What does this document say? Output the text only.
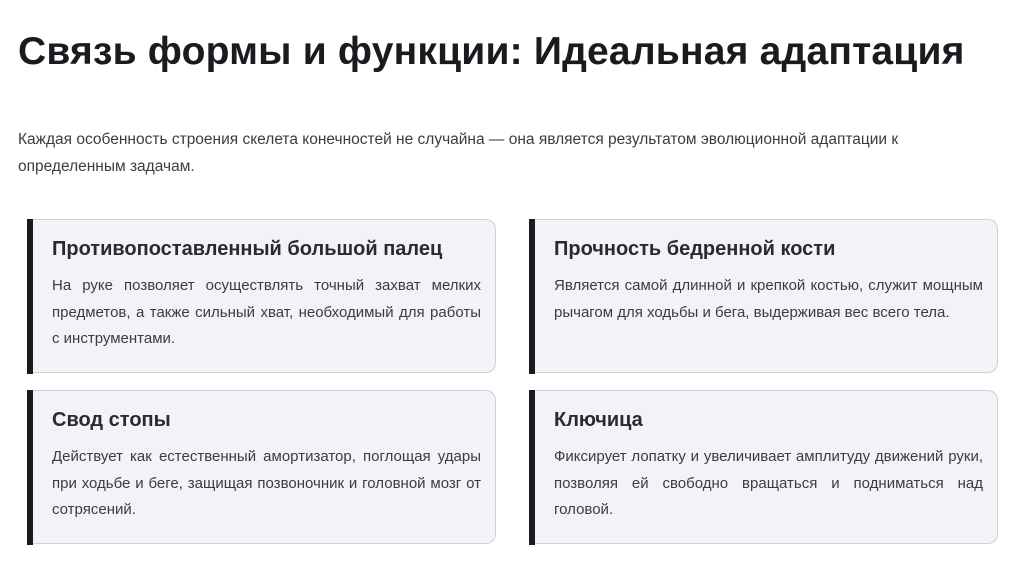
Связь формы и функции: Идеальная адаптация

Каждая особенность строения скелета конечностей не случайна — она является результатом эволюционной адаптации к определенным задачам.

Противопоставленный большой палец
На руке позволяет осуществлять точный захват мелких предметов, а также сильный хват, необходимый для работы с инструментами.
Прочность бедренной кости
Является самой длинной и крепкой костью, служит мощным рычагом для ходьбы и бега, выдерживая вес всего тела.
Свод стопы
Действует как естественный амортизатор, поглощая удары при ходьбе и беге, защищая позвоночник и головной мозг от сотрясений.
Ключица
Фиксирует лопатку и увеличивает амплитуду движений руки, позволяя ей свободно вращаться и подниматься над головой.
